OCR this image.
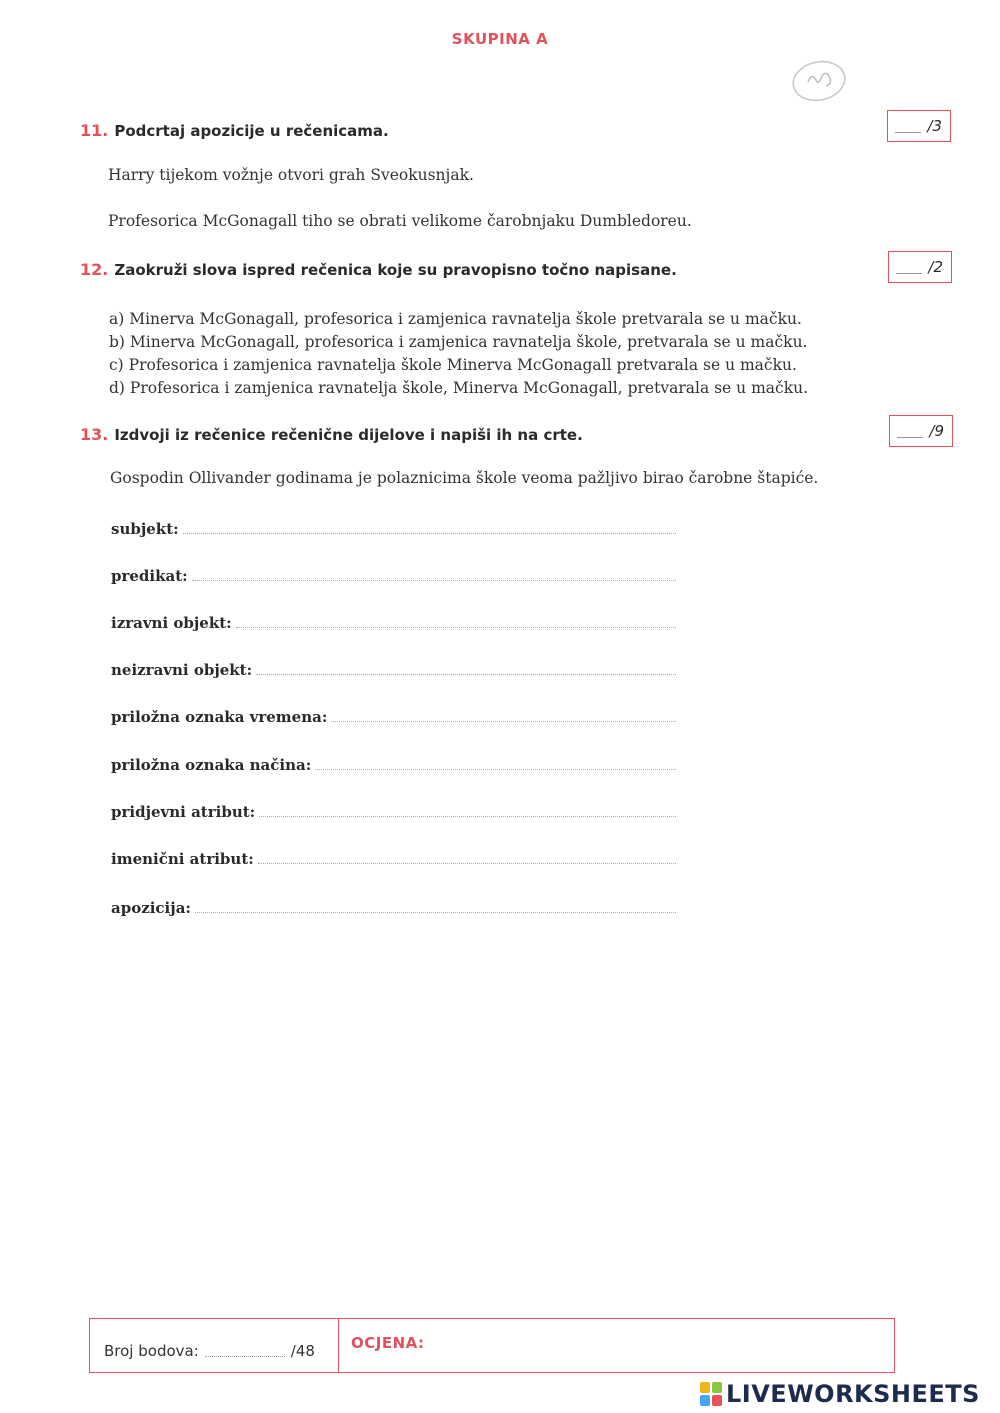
SKUPINA A
11. Podcrtaj apozicije u rečenicama.	/3
Harry tijekom vožnje otvori grah Sveokusnjak.
Profesorica McGonagall tiho se obrati velikome čarobnjaku Dumbledoreu.
12. Zaokruži slova ispred rečenica koje su pravopisno točno napisane.	/2
a) Minerva McGonagall, profesorica i zamjenica ravnatelja škole pretvarala se u mačku.
b) Minerva McGonagall, profesorica i zamjenica ravnatelja škole, pretvarala se u mačku.
c) Profesorica i zamjenica ravnatelja škole Minerva McGonagall pretvarala se u mačku.
d) Profesorica i zamjenica ravnatelja škole, Minerva McGonagall, pretvarala se u mačku.
13. Izdvoji iz rečenice rečenične dijelove i napiši ih na crte.	/9
Gospodin Ollivander godinama je polaznicima škole veoma pažljivo birao čarobne štapiće.
subjekt:
predikat:
izravni objekt:
neizravni objekt:
priložna oznaka vremena:
priložna oznaka načina:
pridjevni atribut:
imenični atribut:
apozicija:
Broj bodova:	/48	OCJENA:
LIVEWORKSHEETS
